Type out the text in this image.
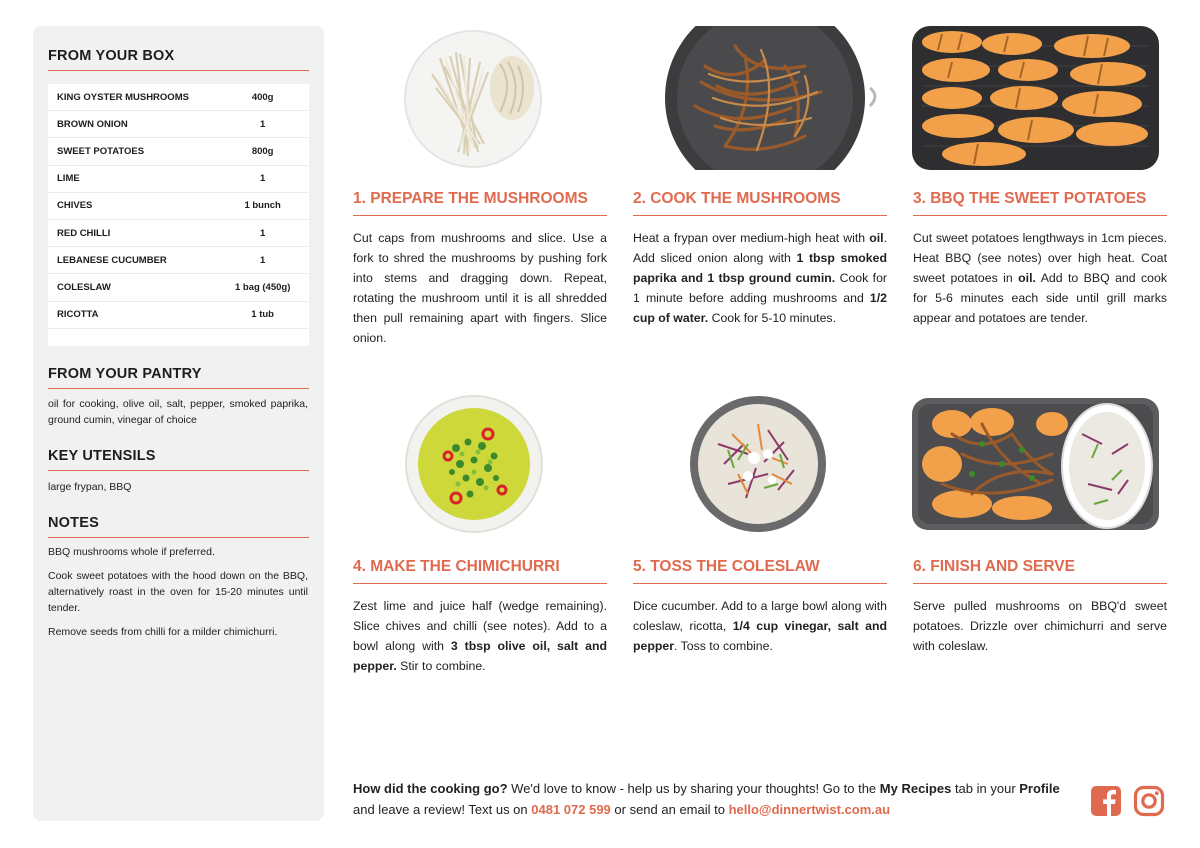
FROM YOUR BOX
KING OYSTER MUSHROOMS	400g
BROWN ONION	1
SWEET POTATOES	800g
LIME	1
CHIVES	1 bunch
RED CHILLI	1
LEBANESE CUCUMBER	1
COLESLAW	1 bag (450g)
RICOTTA	1 tub
FROM YOUR PANTRY

oil for cooking, olive oil, salt, pepper, smoked paprika, ground cumin, vinegar of choice

KEY UTENSILS

large frypan, BBQ

NOTES

BBQ mushrooms whole if preferred.

Cook sweet potatoes with the hood down on the BBQ, alternatively roast in the oven for 15-20 minutes until tender.

Remove seeds from chilli for a milder chimichurri.

1. PREPARE THE MUSHROOMS
Cut caps from mushrooms and slice. Use a fork to shred the mushrooms by pushing fork into stems and dragging down. Repeat, rotating the mushroom until it is all shredded then pull remaining apart with fingers. Slice onion.
2. COOK THE MUSHROOMS
Heat a frypan over medium-high heat with oil. Add sliced onion along with 1 tbsp smoked paprika and 1 tbsp ground cumin. Cook for 1 minute before adding mushrooms and 1/2 cup of water. Cook for 5-10 minutes.
3. BBQ THE SWEET POTATOES
Cut sweet potatoes lengthways in 1cm pieces. Heat BBQ (see notes) over high heat. Coat sweet potatoes in oil. Add to BBQ and cook for 5-6 minutes each side until grill marks appear and potatoes are tender.
4. MAKE THE CHIMICHURRI
Zest lime and juice half (wedge remaining). Slice chives and chilli (see notes). Add to a bowl along with 3 tbsp olive oil, salt and pepper. Stir to combine.
5. TOSS THE COLESLAW
Dice cucumber. Add to a large bowl along with coleslaw, ricotta, 1/4 cup vinegar, salt and pepper. Toss to combine.
6. FINISH AND SERVE
Serve pulled mushrooms on BBQ'd sweet potatoes. Drizzle over chimichurri and serve with coleslaw.
How did the cooking go? We'd love to know - help us by sharing your thoughts! Go to the My Recipes tab in your Profile and leave a review! Text us on 0481 072 599 or send an email to hello@dinnertwist.com.au
